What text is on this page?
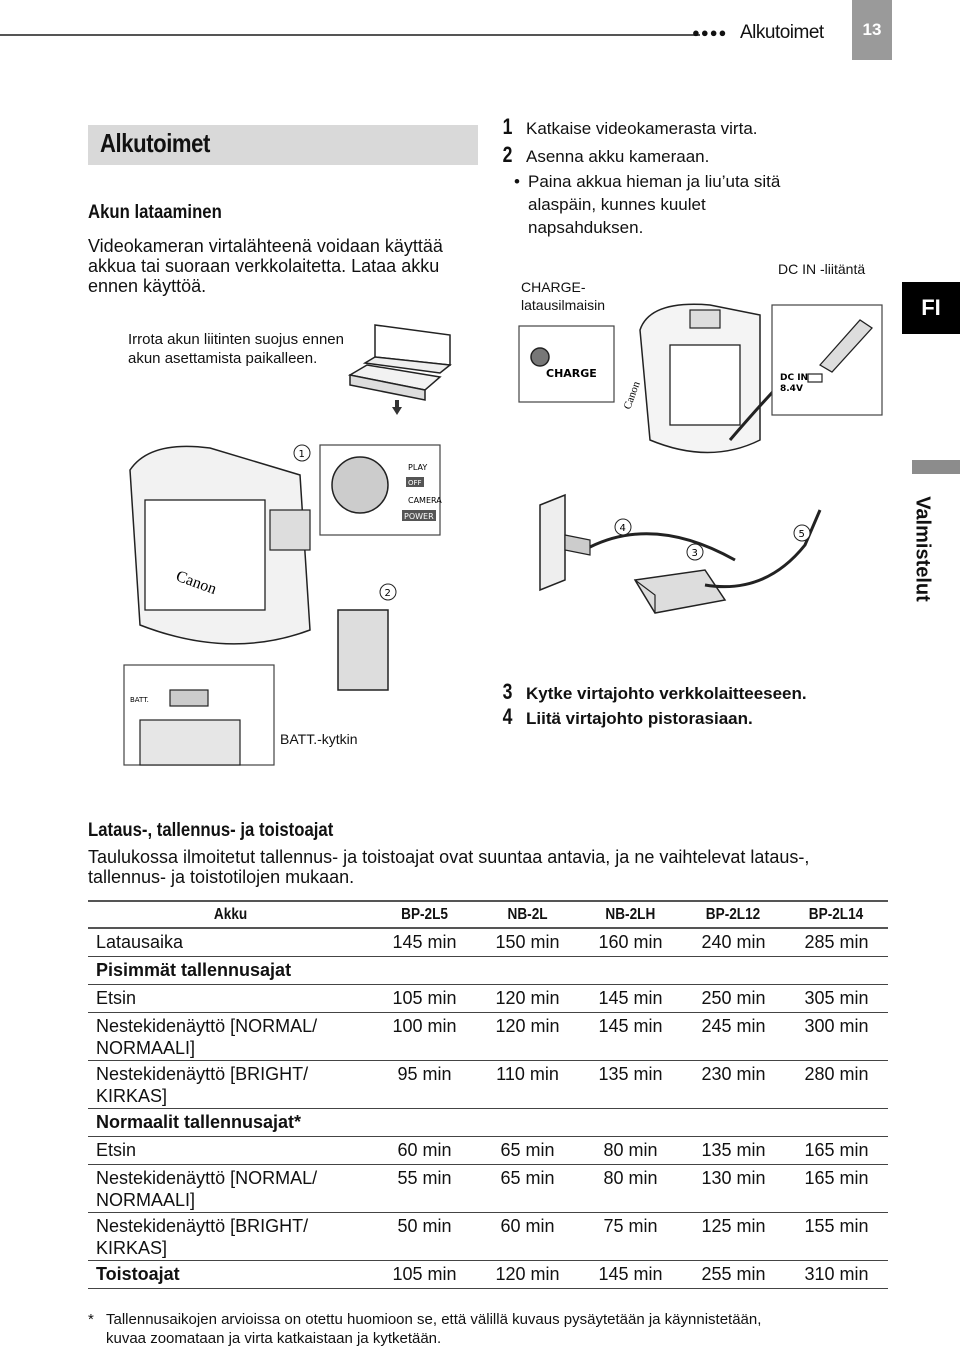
●●●● Alkutoimet	13
Alkutoimet
Akun lataaminen
Videokameran virtalähteenä voidaan käyttää akkua tai suoraan verkkolaitetta. Lataa akku ennen käyttöä.
Irrota akun liitinten suojus ennen akun asettamista paikalleen.
1 Katkaise videokamerasta virta.
2 Asenna akku kameraan.
• Paina akkua hieman ja liu’uta sitä
alaspäin, kunnes kuulet
napsahduksen.
CHARGE-
latausilmaisin
DC IN -liitäntä
BATT.-kytkin
FI
Valmistelut
CHARGE
Canon
DC IN
8.4V
Canon
PLAY
OFF
CAMERA
POWER
1
2
BATT.
4
3
5
3 Kytke virtajohto verkkolaitteeseen.
4 Liitä virtajohto pistorasiaan.
Lataus-, tallennus- ja toistoajat
Taulukossa ilmoitetut tallennus- ja toistoajat ovat suuntaa antavia, ja ne vaihtelevat lataus-, tallennus- ja toistotilojen mukaan.
Akku	BP-2L5	NB-2L	NB-2LH	BP-2L12	BP-2L14
Latausaika	145 min	150 min	160 min	240 min	285 min
Pisimmät tallennusajat					
Etsin	105 min	120 min	145 min	250 min	305 min
Nestekidenäyttö [NORMAL/ NORMAALI]	100 min	120 min	145 min	245 min	300 min
Nestekidenäyttö [BRIGHT/ KIRKAS]	95 min	110 min	135 min	230 min	280 min
Normaalit tallennusajat*					
Etsin	60 min	65 min	80 min	135 min	165 min
Nestekidenäyttö [NORMAL/ NORMAALI]	55 min	65 min	80 min	130 min	165 min
Nestekidenäyttö [BRIGHT/ KIRKAS]	50 min	60 min	75 min	125 min	155 min
Toistoajat	105 min	120 min	145 min	255 min	310 min
* Tallennusaikojen arvioissa on otettu huomioon se, että välillä kuvaus pysäytetään ja käynnistetään,
kuvaa zoomataan ja virta katkaistaan ja kytketään.
